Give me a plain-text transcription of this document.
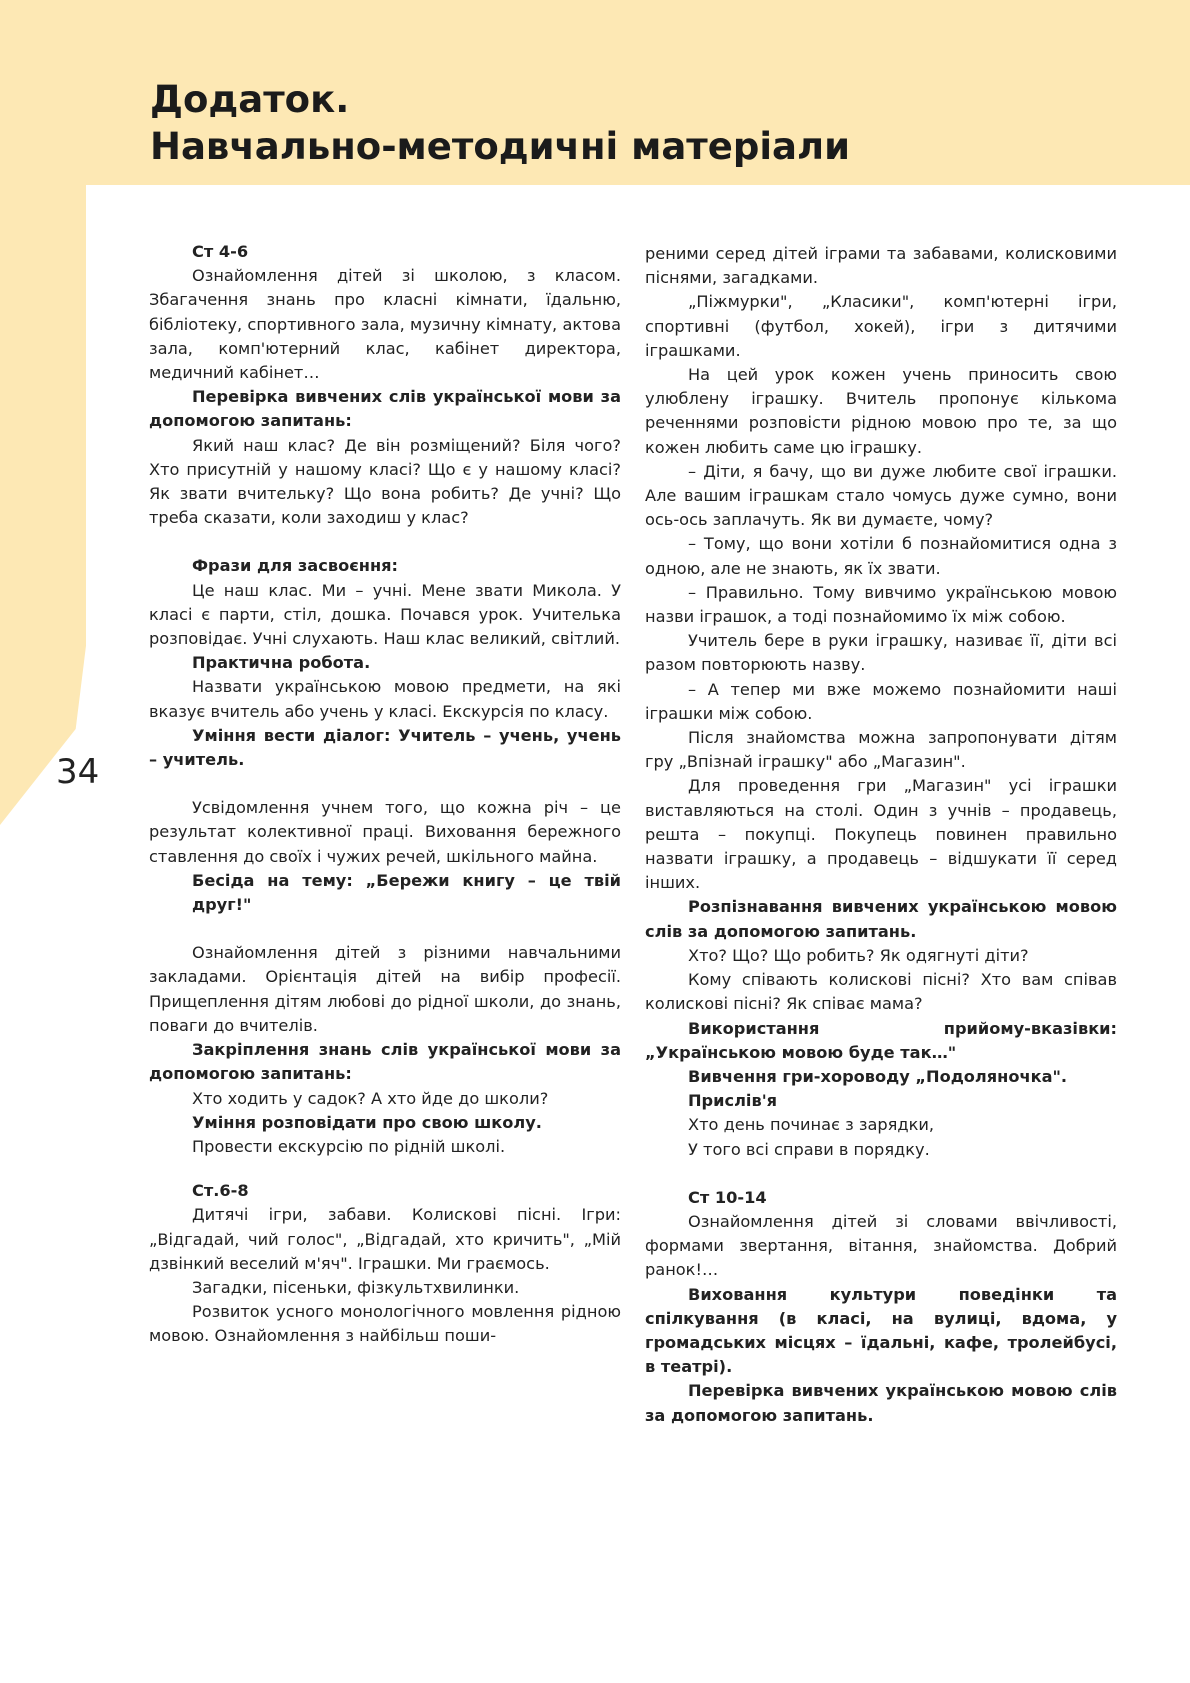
Додаток.
Навчально-методичні матеріали
34

Ст 4-6

Ознайомлення дітей зі школою, з класом. Збагачення знань про класні кімнати, їдальню, бібліотеку, спортивного зала, музичну кімнату, актова зала, комп'ютерний клас, кабінет директора, медичний кабінет…

Перевірка вивчених слів української мови за допомогою запитань:

Який наш клас? Де він розміщений? Біля чого? Хто присутній у нашому класі? Що є у нашому класі? Як звати вчительку? Що вона робить? Де учні? Що треба сказати, коли заходиш у клас?

Фрази для засвоєння:

Це наш клас. Ми – учні. Мене звати Микола. У класі є парти, стіл, дошка. Почався урок. Учителька розповідає. Учні слухають. Наш клас великий, світлий.

Практична робота.

Назвати українською мовою предмети, на які вказує вчитель або учень у класі. Екскурсія по класу.

Уміння вести діалог: Учитель – учень, учень – учитель.

Усвідомлення учнем того, що кожна річ – це результат колективної праці. Виховання бережного ставлення до своїх і чужих речей, шкільного майна.

Бесіда на тему: „Бережи книгу – це твій друг!"

Ознайомлення дітей з різними навчальними закладами. Орієнтація дітей на вибір професії. Прищеплення дітям любові до рідної школи, до знань, поваги до вчителів.

Закріплення знань слів української мови за допомогою запитань:

Хто ходить у садок? А хто йде до школи?

Уміння розповідати про свою школу.

Провести екскурсію по рідній школі.

Ст.6-8

Дитячі ігри, забави. Колискові пісні. Ігри: „Відгадай, чий голос", „Відгадай, хто кричить", „Мій дзвінкий веселий м'яч". Іграшки. Ми граємось.

Загадки, пісеньки, фізкультхвилинки.

Розвиток усного монологічного мовлення рідною мовою. Ознайомлення з найбільш поши-

реними серед дітей іграми та забавами, колисковими піснями, загадками.

„Піжмурки", „Класики", комп'ютерні ігри, спортивні (футбол, хокей), ігри з дитячими іграшками.

На цей урок кожен учень приносить свою улюблену іграшку. Вчитель пропонує кількома реченнями розповісти рідною мовою про те, за що кожен любить саме цю іграшку.

– Діти, я бачу, що ви дуже любите свої іграшки. Але вашим іграшкам стало чомусь дуже сумно, вони ось-ось заплачуть. Як ви думаєте, чому?

– Тому, що вони хотіли б познайомитися одна з одною, але не знають, як їх звати.

– Правильно. Тому вивчимо українською мовою назви іграшок, а тоді познайомимо їх між собою.

Учитель бере в руки іграшку, називає її, діти всі разом повторюють назву.

– А тепер ми вже можемо познайомити наші іграшки між собою.

Після знайомства можна запропонувати дітям гру „Впізнай іграшку" або „Магазин".

Для проведення гри „Магазин" усі іграшки виставляються на столі. Один з учнів – продавець, решта – покупці. Покупець повинен правильно назвати іграшку, а продавець – відшукати її серед інших.

Розпізнавання вивчених українською мовою слів за допомогою запитань.

Хто? Що? Що робить? Як одягнуті діти?

Кому співають колискові пісні? Хто вам співав колискові пісні? Як співає мама?

Використання прийому-вказівки: „Українською мовою буде так…"

Вивчення гри-хороводу „Подоляночка".

Прислів'я

Хто день починає з зарядки,

У того всі справи в порядку.

Ст 10-14

Ознайомлення дітей зі словами ввічливості, формами звертання, вітання, знайомства. Добрий ранок!…

Виховання культури поведінки та спілкування (в класі, на вулиці, вдома, у громадських місцях – їдальні, кафе, тролейбусі, в театрі).

Перевірка вивчених українською мовою слів за допомогою запитань.
